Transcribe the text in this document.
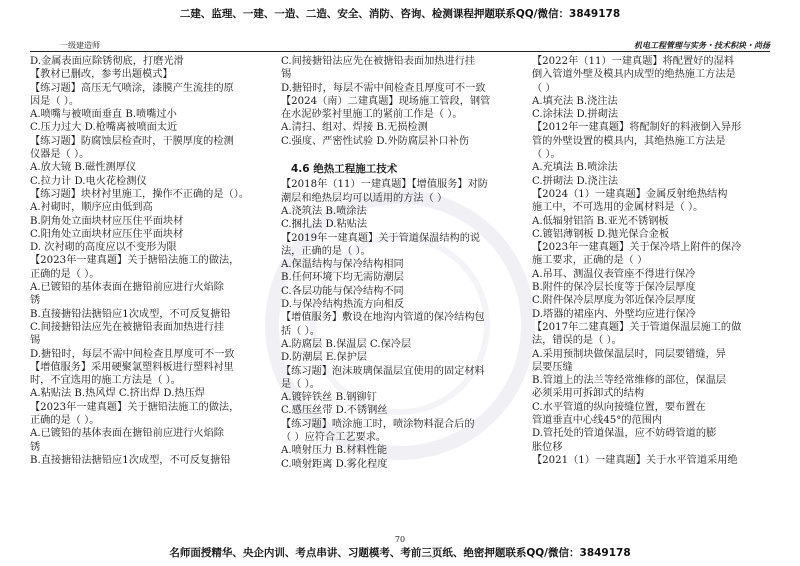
二建、监理、一建、一造、二造、安全、消防、咨询、检测课程押题联系QQ/微信：3849178
一级建造师	机电工程管理与实务・技术积块・尚扬
D.金属表面应除锈彻底，打磨光滑
【教材已删改，参考出题模式】
【练习题】高压无气喷涂，漆膜产生流挂的原
因是（ ）。
A.喷嘴与被喷面垂直 B.喷嘴过小
C.压力过大 D.枪嘴离被喷面太近
【练习题】防腐蚀层检查时，干膜厚度的检测
仪器是（ ）。
A.放大镜 B.磁性测厚仪
C.拉力计 D.电火花检测仪
【练习题】块材衬里施工，操作不正确的是（）。
A.衬砌时，顺序应由低到高
B.阴角处立面块材应压住平面块材
C.阳角处立面块材应压住平面块材
D. 次衬砌的高度应以不变形为限
【2023年一建真题】关于搪铅法施工的做法，
正确的是（ ）。
A.已镀铅的基体表面在搪铅前应进行火焰除
锈
B.直接搪铅法搪铅应1次成型，不可反复搪铅
C.间接搪铅法应先在被搪铅表面加热进行挂
锡
D.搪铅时，每层不需中间检查且厚度可不一致
【增值服务】采用硬聚氯塑料板进行塑料衬里
时，不宜选用的施工方法是（ ）。
A.粘贴法 B.热风焊 C.挤出焊 D.热压焊
【2023年一建真题】关于搪铅法施工的做法，
正确的是（ ）。
A.已镀铅的基体表面在搪铅前应进行火焰除
锈
B.直接搪铅法搪铅应1次成型，不可反复搪铅
C.间接搪铅法应先在被搪铅表面加热进行挂
锡
D.搪铅时，每层不需中间检查且厚度可不一致
【2024（南）二建真题】现场施工管段，钢管
在水泥砂浆衬里施工的紧前工作是（ ）。
A.清扫、组对、焊接 B.无损检测
C.强度、严密性试验 D.外防腐层补口补伤

4.6 绝热工程施工技术
【2018年（11）一建真题】【增值服务】对防
潮层和绝热层均可以适用的方法（ ）
A.浇筑法 B.喷涂法
C.捆扎法 D.粘贴法
【2019年一建真题】关于管道保温结构的说
法，正确的是（ ）。
A.保温结构与保冷结构相同
B.任何环境下均无需防潮层
C.各层功能与保冷结构不同
D.与保冷结构热流方向相反
【增值服务】敷设在地沟内管道的保冷结构包
括（ ）。
A.防腐层 B.保温层 C.保冷层
D.防潮层 E.保护层
【练习题】泡沫玻璃保温层宜使用的固定材料
是（ ）。
A.镀锌铁丝 B.钢铆钉
C.感压丝带 D.不锈钢丝
【练习题】喷涂施工时，喷涂物料混合后的
（ ）应符合工艺要求。
A.喷射压力 B.材料性能
C.喷射距离 D.雾化程度
【2022年（11）一建真题】将配置好的湿料
倒入管道外壁及模具内成型的绝热施工方法是
（ ）
A.填充法 B.浇注法
C.涂抹法 D.拼砌法
【2012年一建真题】将配制好的料液倒入异形
管的外壁设置的模具内，其绝热施工方法是
（ ）。
A.充填法 B.喷涂法
C.拼砌法 D.浇注法
【2024（1）一建真题】金属反射绝热结构
施工中，不可选用的金属材料是（ ）。
A.低辐射铝箔 B.亚光不锈钢板
C.镀铝薄钢板 D.抛光保合金板
【2023年一建真题】关于保冷塔上附件的保冷
施工要求，正确的是（ ）
A.吊耳、测温仪表管座不得进行保冷
B.附件的保冷层长度等于保冷层厚度
C.附件保冷层厚度为邻近保冷层厚度
D.塔器的裙座内、外壁均应进行保冷
【2017年二建真题】关于管道保温层施工的做
法，错误的是（ ）。
A.采用预制块做保温层时，同层要错缝，异
层要压缝
B.管道上的法兰等经常维修的部位，保温层
必须采用可拆卸式的结构
C.水平管道的纵向接缝位置，要布置在
管道垂直中心线45°的范围内
D.管托处的管道保温，应不妨碍管道的膨
胀位移
【2021（1）一建真题】关于水平管道采用绝
70
名师面授精华、央企内训、考点串讲、习题模考、考前三页纸、绝密押题联系QQ/微信：3849178
